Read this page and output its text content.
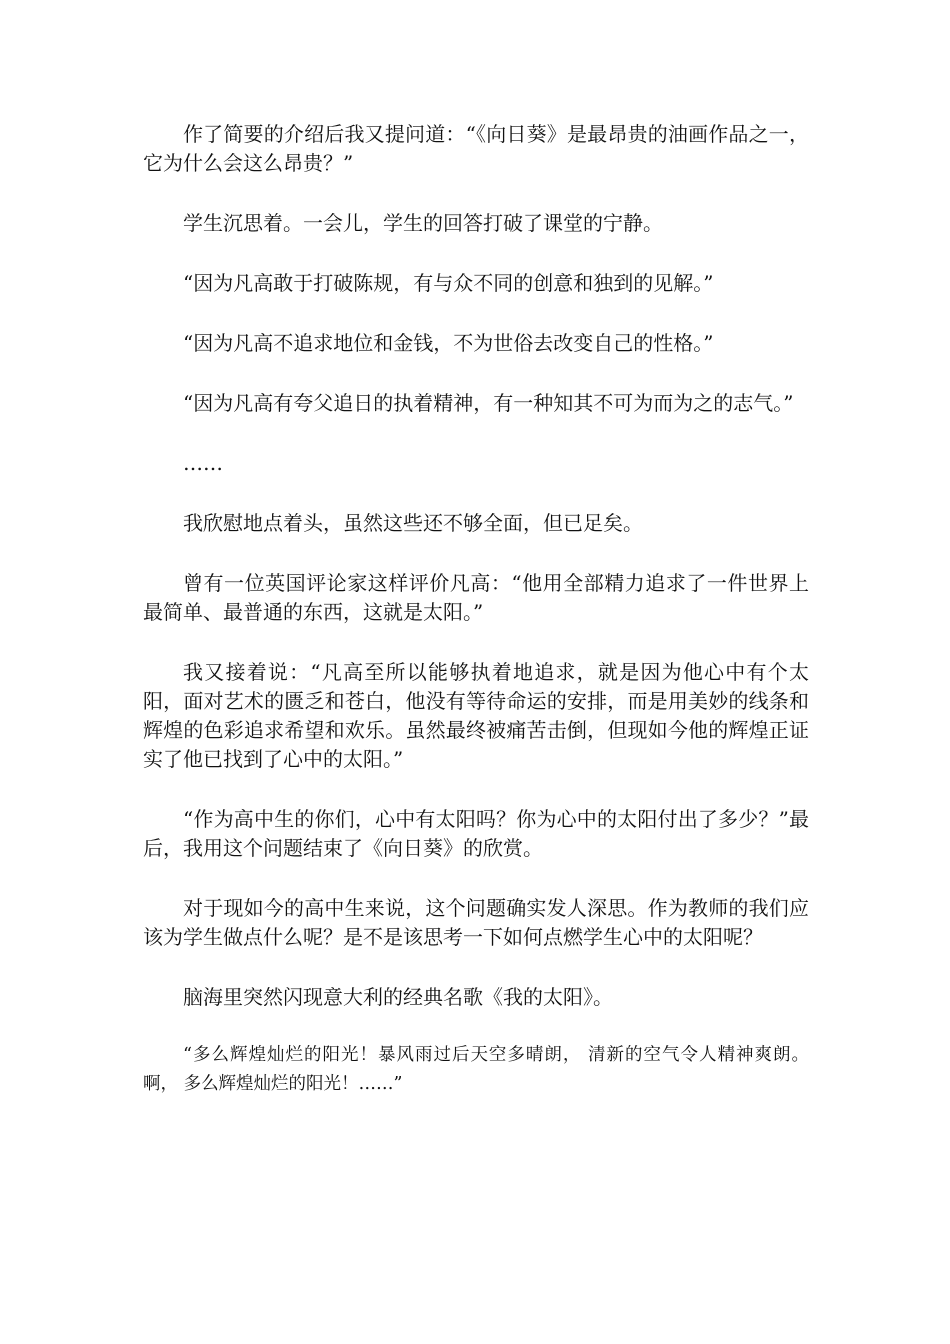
作了简要的介绍后我又提问道：“《向日葵》是最昂贵的油画作品之一，它为什么会这么昂贵？”

学生沉思着。一会儿，学生的回答打破了课堂的宁静。

“因为凡高敢于打破陈规，有与众不同的创意和独到的见解。”

“因为凡高不追求地位和金钱，不为世俗去改变自己的性格。”

“因为凡高有夸父追日的执着精神，有一种知其不可为而为之的志气。”

……

我欣慰地点着头，虽然这些还不够全面，但已足矣。

曾有一位英国评论家这样评价凡高：“他用全部精力追求了一件世界上最简单、最普通的东西，这就是太阳。”

我又接着说：“凡高至所以能够执着地追求，就是因为他心中有个太阳，面对艺术的匮乏和苍白，他没有等待命运的安排，而是用美妙的线条和辉煌的色彩追求希望和欢乐。虽然最终被痛苦击倒，但现如今他的辉煌正证实了他已找到了心中的太阳。”

“作为高中生的你们，心中有太阳吗？你为心中的太阳付出了多少？”最后，我用这个问题结束了《向日葵》的欣赏。

对于现如今的高中生来说，这个问题确实发人深思。作为教师的我们应该为学生做点什么呢？是不是该思考一下如何点燃学生心中的太阳呢？

脑海里突然闪现意大利的经典名歌《我的太阳》。

“多么辉煌灿烂的阳光！暴风雨过后天空多晴朗， 清新的空气令人精神爽朗。啊， 多么辉煌灿烂的阳光！……”
